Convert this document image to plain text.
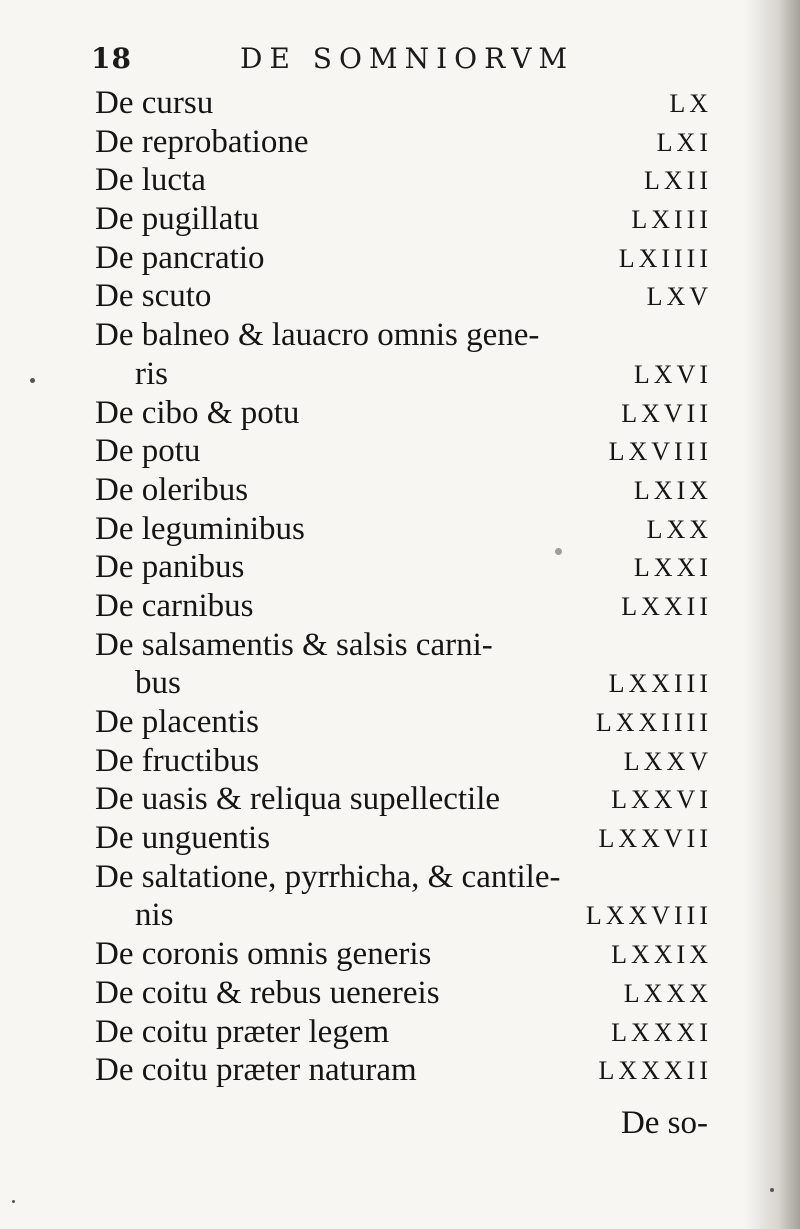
18	DE SOMNIORVM
De cursu	LX
De reprobatione	LXI
De lucta	LXII
De pugillatu	LXIII
De pancratio	LXIIII
De scuto	LXV
De balneo & lauacro omnis gene-
ris	LXVI
De cibo & potu	LXVII
De potu	LXVIII
De oleribus	LXIX
De leguminibus	LXX
De panibus	LXXI
De carnibus	LXXII
De salsamentis & salsis carni-
bus	LXXIII
De placentis	LXXIIII
De fructibus	LXXV
De uasis & reliqua supellectile	LXXVI
De unguentis	LXXVII
De saltatione, pyrrhicha, & cantile-
nis	LXXVIII
De coronis omnis generis	LXXIX
De coitu & rebus uenereis	LXXX
De coitu præter legem	LXXXI
De coitu præter naturam	LXXXII
De so-
